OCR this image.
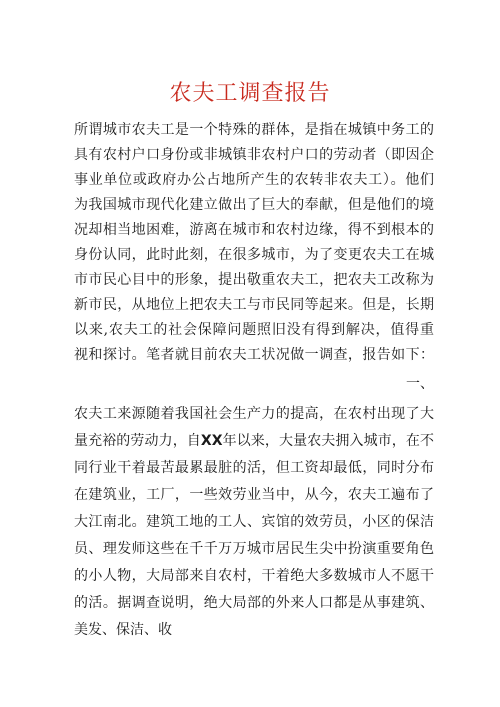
农夫工调查报告
所谓城市农夫工是一个特殊的群体，是指在城镇中务工的
具有农村户口身份或非城镇非农村户口的劳动者（即因企
事业单位或政府办公占地所产生的农转非农夫工）。他们
为我国城市现代化建立做出了巨大的奉献，但是他们的境
况却相当地困难，游离在城市和农村边缘，得不到根本的
身份认同，此时此刻，在很多城市，为了变更农夫工在城
市市民心目中的形象，提出敬重农夫工，把农夫工改称为
新市民，从地位上把农夫工与市民同等起来。但是，长期
以来,农夫工的社会保障问题照旧没有得到解决，值得重
视和探讨。笔者就目前农夫工状况做一调查，报告如下：
一、
农夫工来源随着我国社会生产力的提高，在农村出现了大
量充裕的劳动力，自XX年以来，大量农夫拥入城市，在不
同行业干着最苦最累最脏的活，但工资却最低，同时分布
在建筑业，工厂，一些效劳业当中，从今，农夫工遍布了
大江南北。建筑工地的工人、宾馆的效劳员，小区的保洁
员、理发师这些在千千万万城市居民生尖中扮演重要角色
的小人物，大局部来自农村，干着绝大多数城市人不愿干
的活。据调查说明，绝大局部的外来人口都是从事建筑、
美发、保洁、收
